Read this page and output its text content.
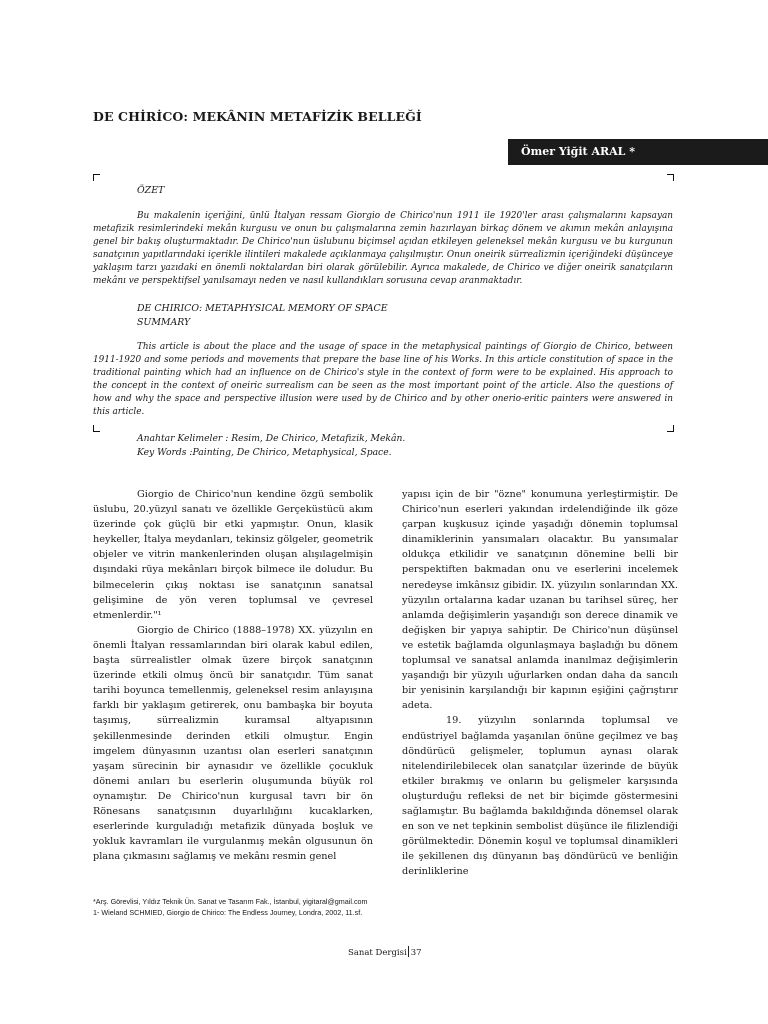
DE CHİRİCO: MEKÂNIN METAFİZİK BELLEĞİ
Ömer Yiğit ARAL *
ÖZET

Bu makalenin içeriğini, ünlü İtalyan ressam Giorgio de Chirico'nun 1911 ile 1920'ler arası çalışmalarını kapsayan metafizik resimlerindeki mekân kurgusu ve onun bu çalışmalarına zemin hazırlayan birkaç dönem ve akımın mekân anlayışına genel bir bakış oluşturmaktadır. De Chirico'nun üslubunu biçimsel açıdan etkileyen geleneksel mekân kurgusu ve bu kurgunun sanatçının yapıtlarındaki içerikle ilintileri makalede açıklanmaya çalışılmıştır. Onun oneirik sürrealizmin içeriğindeki düşünceye yaklaşım tarzı yazıdaki en önemli noktalardan biri olarak görülebilir. Ayrıca makalede, de Chirico ve diğer oneirik sanatçıların mekânı ve perspektifsel yanılsamayı neden ve nasıl kullandıkları sorusuna cevap aranmaktadır.

DE CHIRICO: METAPHYSICAL MEMORY OF SPACE
SUMMARY

This article is about the place and the usage of space in the metaphysical paintings of Giorgio de Chirico, between 1911-1920 and some periods and movements that prepare the base line of his Works. In this article constitution of space in the traditional painting which had an influence on de Chirico's style in the context of form were to be explained. His approach to the concept in the context of oneiric surrealism can be seen as the most important point of the article. Also the questions of how and why the space and perspective illusion were used by de Chirico and by other onerio-eritic painters were answered in this article.

Anahtar Kelimeler : Resim, De Chirico, Metafizik, Mekân.
Key Words :Painting, De Chirico, Metaphysical, Space.

Giorgio de Chirico'nun kendine özgü sembolik üslubu, 20.yüzyıl sanatı ve özellikle Gerçeküstücü akım üzerinde çok güçlü bir etki yapmıştır. Onun, klasik heykeller, İtalya meydanları, tekinsiz gölgeler, geometrik objeler ve vitrin mankenlerinden oluşan alışılagelmişin dışındaki rüya mekânları birçok bilmece ile doludur. Bu bilmecelerin çıkış noktası ise sanatçının sanatsal gelişimine de yön veren toplumsal ve çevresel etmenlerdir."¹

Giorgio de Chirico (1888–1978) XX. yüzyılın en önemli İtalyan ressamlarından biri olarak kabul edilen, başta sürrealistler olmak üzere birçok sanatçının üzerinde etkili olmuş öncü bir sanatçıdır. Tüm sanat tarihi boyunca temellenmiş, geleneksel resim anlayışına farklı bir yaklaşım getirerek, onu bambaşka bir boyuta taşımış, sürrealizmin kuramsal altyapısının şekillenmesinde derinden etkili olmuştur. Engin imgelem dünyasının uzantısı olan eserleri sanatçının yaşam sürecinin bir aynasıdır ve özellikle çocukluk dönemi anıları bu eserlerin oluşumunda büyük rol oynamıştır. De Chirico'nun kurgusal tavrı bir ön Rönesans sanatçısının duyarlılığını kucaklarken, eserlerinde kurguladığı metafizik dünyada boşluk ve yokluk kavramları ile vurgulanmış mekân olgusunun ön plana çıkmasını sağlamış ve mekânı resmin genel

yapısı için de bir "özne" konumuna yerleştirmiştir. De Chirico'nun eserleri yakından irdelendiğinde ilk göze çarpan kuşkusuz içinde yaşadığı dönemin toplumsal dinamiklerinin yansımaları olacaktır. Bu yansımalar oldukça etkilidir ve sanatçının dönemine belli bir perspektiften bakmadan onu ve eserlerini incelemek neredeyse imkânsız gibidir. IX. yüzyılın sonlarından XX. yüzyılın ortalarına kadar uzanan bu tarihsel süreç, her anlamda değişimlerin yaşandığı son derece dinamik ve değişken bir yapıya sahiptir. De Chirico'nun düşünsel ve estetik bağlamda olgunlaşmaya başladığı bu dönem toplumsal ve sanatsal anlamda inanılmaz değişimlerin yaşandığı bir yüzyılı uğurlarken ondan daha da sancılı bir yenisinin karşılandığı bir kapının eşiğini çağrıştırır adeta.

19. yüzyılın sonlarında toplumsal ve endüstriyel bağlamda yaşanılan önüne geçilmez ve baş döndürücü gelişmeler, toplumun aynası olarak nitelendirilebilecek olan sanatçılar üzerinde de büyük etkiler bırakmış ve onların bu gelişmeler karşısında oluşturduğu refleksi de net bir biçimde göstermesini sağlamıştır. Bu bağlamda bakıldığında dönemsel olarak en son ve net tepkinin sembolist düşünce ile filizlendiği görülmektedir. Dönemin koşul ve toplumsal dinamikleri ile şekillenen dış dünyanın baş döndürücü ve benliğin derinliklerine

*Arş. Görevlisi, Yıldız Teknik Ün. Sanat ve Tasarım Fak., İstanbul, yigitaral@gmail.com
1- Wieland SCHMIED, Giorgio de Chirico: The Endless Journey, Londra, 2002, 11.sf.
Sanat Dergisi 37
